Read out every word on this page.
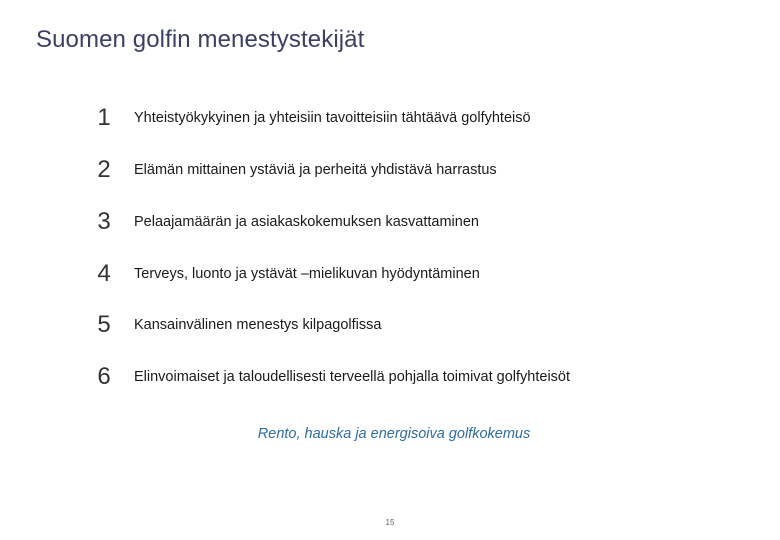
Suomen golfin menestystekijät
1	Yhteistyökykyinen ja yhteisiin tavoitteisiin tähtäävä golfyhteisö
2	Elämän mittainen ystäviä ja perheitä yhdistävä harrastus
3	Pelaajamäärän ja asiakaskokemuksen kasvattaminen
4	Terveys, luonto ja ystävät –mielikuvan hyödyntäminen
5	Kansainvälinen menestys kilpagolfissa
6	Elinvoimaiset ja taloudellisesti terveellä pohjalla toimivat golfyhteisöt
Rento, hauska ja energisoiva golfkokemus
15
